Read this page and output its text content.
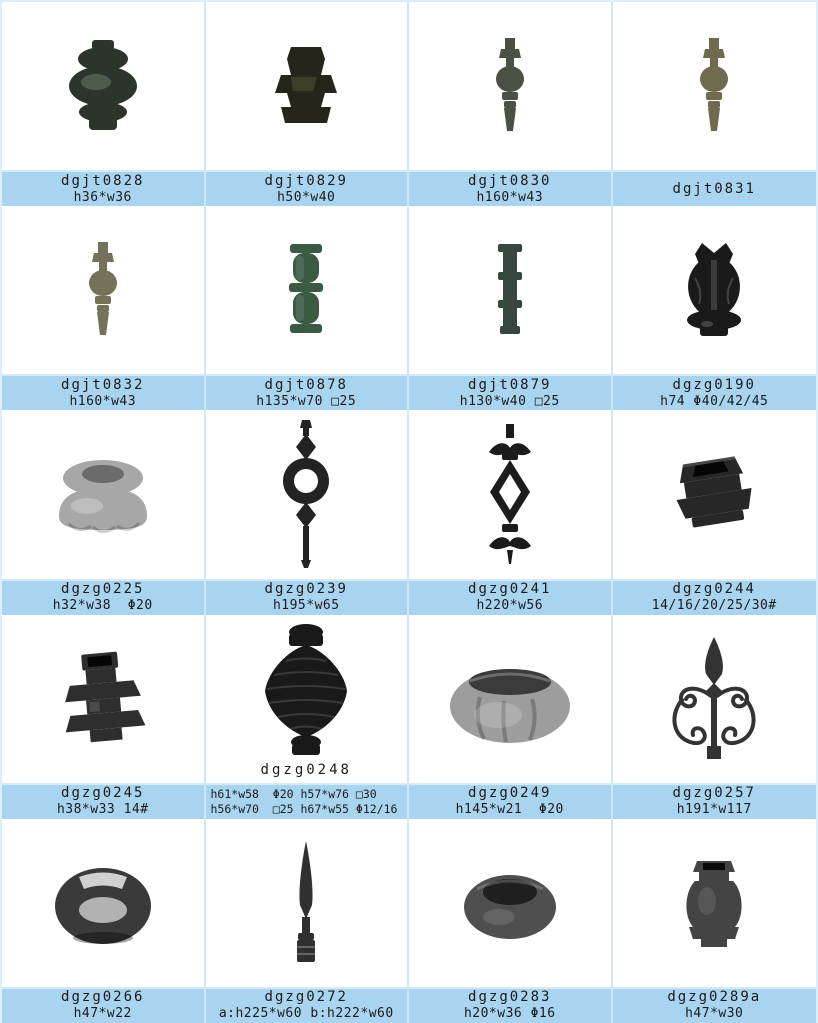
dgjt0828
h36*w36
dgjt0829
h50*w40
dgjt0830
h160*w43
dgjt0831
dgjt0832
h160*w43
dgjt0878
h135*w70 □25
dgjt0879
h130*w40 □25
dgzg0190
h74 Φ40/42/45
dgzg0225
h32*w38  Φ20
dgzg0239
h195*w65
dgzg0241
h220*w56
dgzg0244
14/16/20/25/30#
dgzg0245
h38*w33 14#
dgzg0248
h61*w58  Φ20 h57*w76 □30
h56*w70  □25 h67*w55 Φ12/16
dgzg0249
h145*w21  Φ20
dgzg0257
h191*w117
dgzg0266
h47*w22
dgzg0272
a:h225*w60 b:h222*w60
dgzg0283
h20*w36 Φ16
dgzg0289a
h47*w30
